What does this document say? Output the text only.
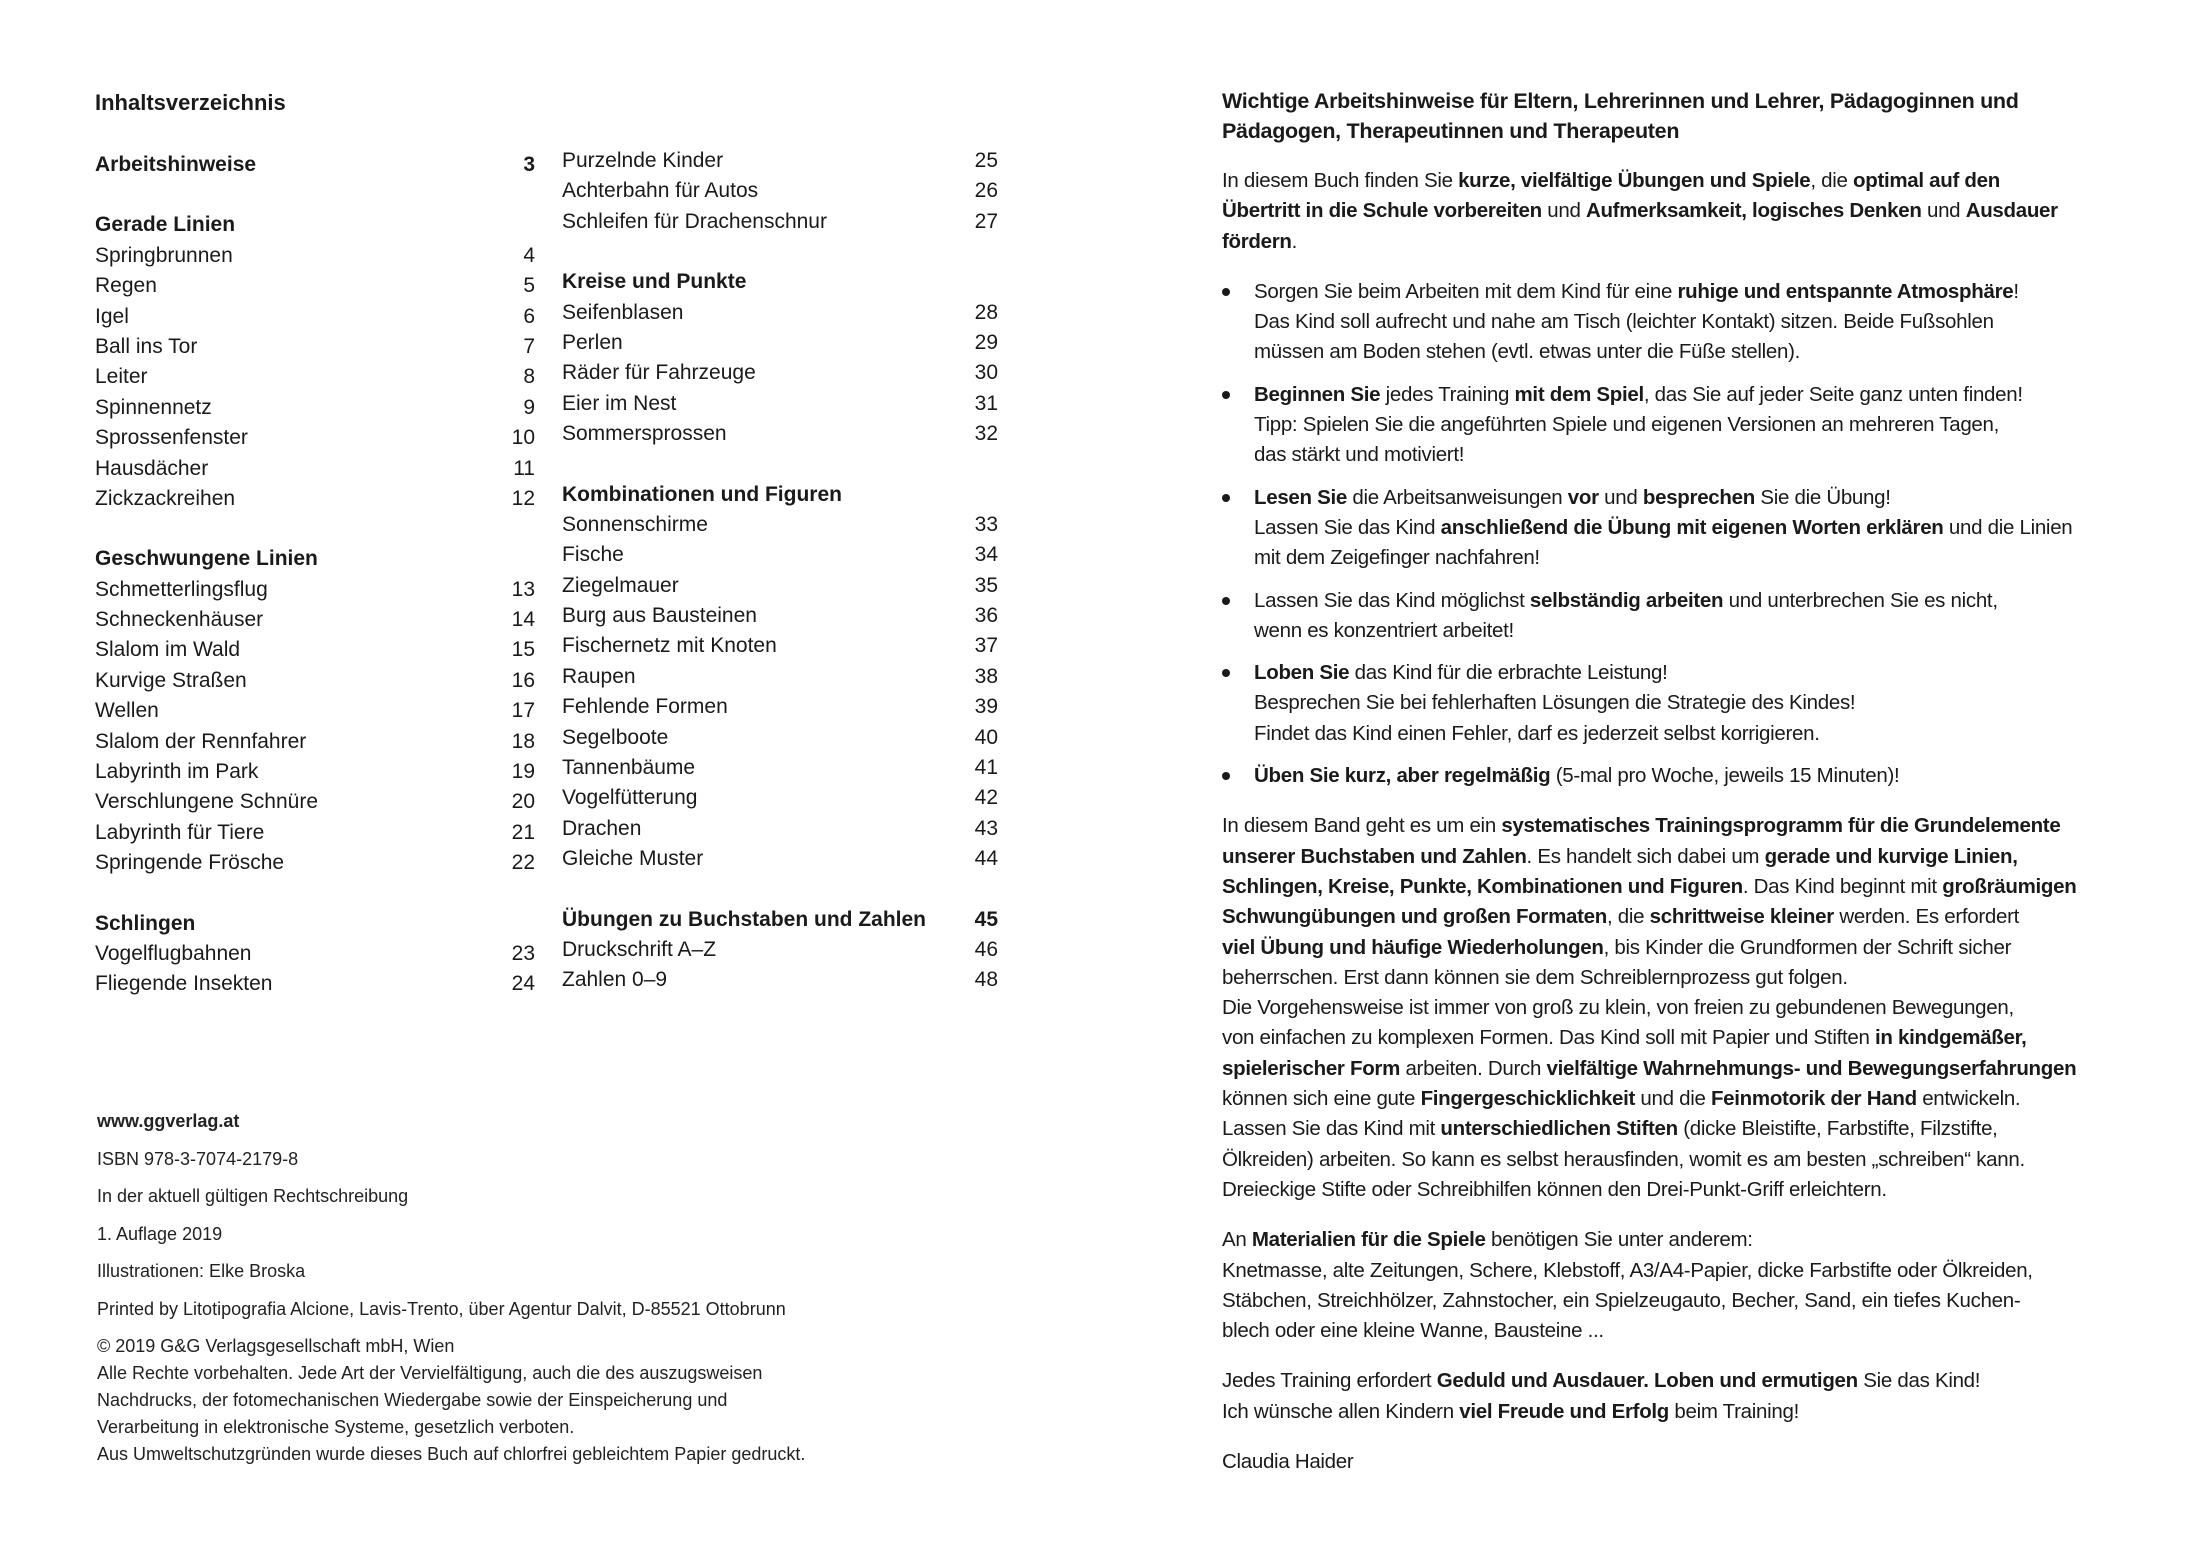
Inhaltsverzeichnis
Arbeitshinweise	3
Gerade Linien
Springbrunnen	4
Regen	5
Igel	6
Ball ins Tor	7
Leiter	8
Spinnennetz	9
Sprossenfenster	10
Hausdächer	11
Zickzackreihen	12
Geschwungene Linien
Schmetterlingsflug	13
Schneckenhäuser	14
Slalom im Wald	15
Kurvige Straßen	16
Wellen	17
Slalom der Rennfahrer	18
Labyrinth im Park	19
Verschlungene Schnüre	20
Labyrinth für Tiere	21
Springende Frösche	22
Schlingen
Vogelflugbahnen	23
Fliegende Insekten	24
Purzelnde Kinder	25
Achterbahn für Autos	26
Schleifen für Drachenschnur	27
Kreise und Punkte
Seifenblasen	28
Perlen	29
Räder für Fahrzeuge	30
Eier im Nest	31
Sommersprossen	32
Kombinationen und Figuren
Sonnenschirme	33
Fische	34
Ziegelmauer	35
Burg aus Bausteinen	36
Fischernetz mit Knoten	37
Raupen	38
Fehlende Formen	39
Segelboote	40
Tannenbäume	41
Vogelfütterung	42
Drachen	43
Gleiche Muster	44
Übungen zu Buchstaben und Zahlen 45
Druckschrift A–Z	46
Zahlen 0–9	48
www.ggverlag.at
ISBN 978-3-7074-2179-8
In der aktuell gültigen Rechtschreibung
1. Auflage 2019
Illustrationen: Elke Broska
Printed by Litotipografia Alcione, Lavis-Trento, über Agentur Dalvit, D-85521 Ottobrunn
© 2019 G&G Verlagsgesellschaft mbH, Wien
Alle Rechte vorbehalten. Jede Art der Vervielfältigung, auch die des auszugsweisen
Nachdrucks, der fotomechanischen Wiedergabe sowie der Einspeicherung und
Verarbeitung in elektronische Systeme, gesetzlich verboten.
Aus Umweltschutzgründen wurde dieses Buch auf chlorfrei gebleichtem Papier gedruckt.
Wichtige Arbeitshinweise für Eltern, Lehrerinnen und Lehrer, Pädagoginnen und
Pädagogen, Therapeutinnen und Therapeuten

In diesem Buch finden Sie kurze, vielfältige Übungen und Spiele, die optimal auf den
Übertritt in die Schule vorbereiten und Aufmerksamkeit, logisches Denken und Ausdauer
fördern.

Sorgen Sie beim Arbeiten mit dem Kind für eine ruhige und entspannte Atmosphäre!
Das Kind soll aufrecht und nahe am Tisch (leichter Kontakt) sitzen. Beide Fußsohlen
müssen am Boden stehen (evtl. etwas unter die Füße stellen).
Beginnen Sie jedes Training mit dem Spiel, das Sie auf jeder Seite ganz unten finden!
Tipp: Spielen Sie die angeführten Spiele und eigenen Versionen an mehreren Tagen,
das stärkt und motiviert!
Lesen Sie die Arbeitsanweisungen vor und besprechen Sie die Übung!
Lassen Sie das Kind anschließend die Übung mit eigenen Worten erklären und die Linien
mit dem Zeigefinger nachfahren!
Lassen Sie das Kind möglichst selbständig arbeiten und unterbrechen Sie es nicht,
wenn es konzentriert arbeitet!
Loben Sie das Kind für die erbrachte Leistung!
Besprechen Sie bei fehlerhaften Lösungen die Strategie des Kindes!
Findet das Kind einen Fehler, darf es jederzeit selbst korrigieren.
Üben Sie kurz, aber regelmäßig (5-mal pro Woche, jeweils 15 Minuten)!

In diesem Band geht es um ein systematisches Trainingsprogramm für die Grundelemente
unserer Buchstaben und Zahlen. Es handelt sich dabei um gerade und kurvige Linien,
Schlingen, Kreise, Punkte, Kombinationen und Figuren. Das Kind beginnt mit großräumigen
Schwungübungen und großen Formaten, die schrittweise kleiner werden. Es erfordert
viel Übung und häufige Wiederholungen, bis Kinder die Grundformen der Schrift sicher
beherrschen. Erst dann können sie dem Schreiblernprozess gut folgen.
Die Vorgehensweise ist immer von groß zu klein, von freien zu gebundenen Bewegungen,
von einfachen zu komplexen Formen. Das Kind soll mit Papier und Stiften in kindgemäßer,
spielerischer Form arbeiten. Durch vielfältige Wahrnehmungs- und Bewegungserfahrungen
können sich eine gute Fingergeschicklichkeit und die Feinmotorik der Hand entwickeln.
Lassen Sie das Kind mit unterschiedlichen Stiften (dicke Bleistifte, Farbstifte, Filzstifte,
Ölkreiden) arbeiten. So kann es selbst herausfinden, womit es am besten „schreiben“ kann.
Dreieckige Stifte oder Schreibhilfen können den Drei-Punkt-Griff erleichtern.

An Materialien für die Spiele benötigen Sie unter anderem:
Knetmasse, alte Zeitungen, Schere, Klebstoff, A3/A4-Papier, dicke Farbstifte oder Ölkreiden,
Stäbchen, Streichhölzer, Zahnstocher, ein Spielzeugauto, Becher, Sand, ein tiefes Kuchen-
blech oder eine kleine Wanne, Bausteine ...

Jedes Training erfordert Geduld und Ausdauer. Loben und ermutigen Sie das Kind!
Ich wünsche allen Kindern viel Freude und Erfolg beim Training!

Claudia Haider
